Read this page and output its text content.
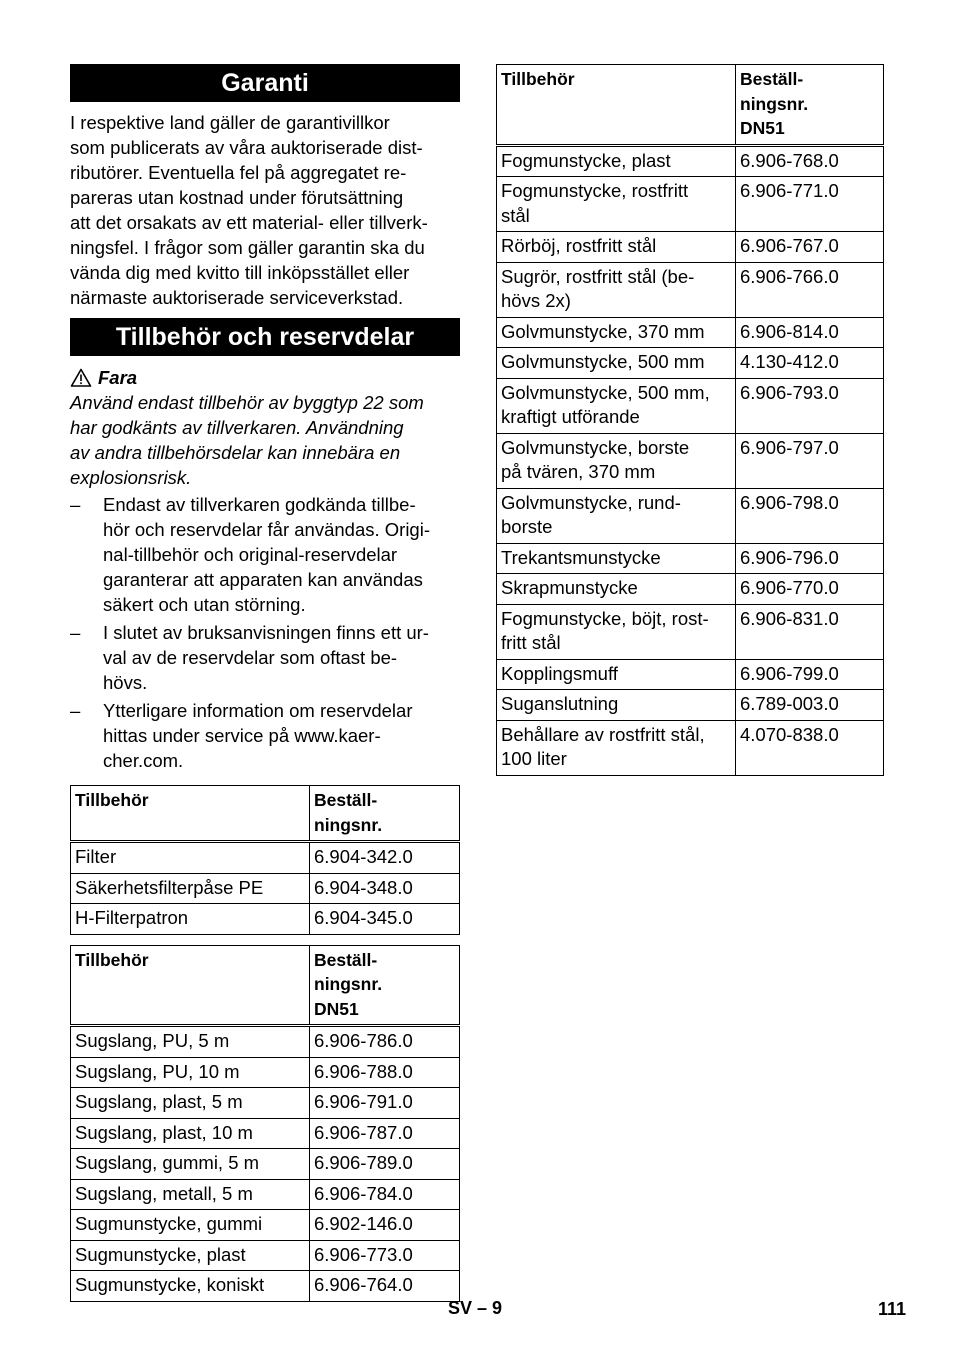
Garanti
I respektive land gäller de garantivillkor
som publicerats av våra auktoriserade dist-
ributörer. Eventuella fel på aggregatet re-
pareras utan kostnad under förutsättning
att det orsakats av ett material- eller tillverk-
ningsfel. I frågor som gäller garantin ska du
vända dig med kvitto till inköpsstället eller
närmaste auktoriserade serviceverkstad.
Tillbehör och reservdelar
Fara
Använd endast tillbehör av byggtyp 22 som
har godkänts av tillverkaren. Användning
av andra tillbehörsdelar kan innebära en
explosionsrisk.
– Endast av tillverkaren godkända tillbe-
hör och reservdelar får användas. Origi-
nal-tillbehör och original-reservdelar
garanterar att apparaten kan användas
säkert och utan störning.
– I slutet av bruksanvisningen finns ett ur-
val av de reservdelar som oftast be-
hövs.
– Ytterligare information om reservdelar
hittas under service på www.kaer-
cher.com.
Tillbehör	Beställ-
ningsnr.
Filter	6.904-342.0
Säkerhetsfilterpåse PE	6.904-348.0
H-Filterpatron	6.904-345.0
Tillbehör	Beställ-
ningsnr.
DN51
Sugslang, PU, 5 m	6.906-786.0
Sugslang, PU, 10 m	6.906-788.0
Sugslang, plast, 5 m	6.906-791.0
Sugslang, plast, 10 m	6.906-787.0
Sugslang, gummi, 5 m	6.906-789.0
Sugslang, metall, 5 m	6.906-784.0
Sugmunstycke, gummi	6.902-146.0
Sugmunstycke, plast	6.906-773.0
Sugmunstycke, koniskt	6.906-764.0
Tillbehör	Beställ-
ningsnr.
DN51
Fogmunstycke, plast	6.906-768.0
Fogmunstycke, rostfritt
stål	6.906-771.0
Rörböj, rostfritt stål	6.906-767.0
Sugrör, rostfritt stål (be-
hövs 2x)	6.906-766.0
Golvmunstycke, 370 mm	6.906-814.0
Golvmunstycke, 500 mm	4.130-412.0
Golvmunstycke, 500 mm,
kraftigt utförande	6.906-793.0
Golvmunstycke, borste
på tvären, 370 mm	6.906-797.0
Golvmunstycke, rund-
borste	6.906-798.0
Trekantsmunstycke	6.906-796.0
Skrapmunstycke	6.906-770.0
Fogmunstycke, böjt, rost-
fritt stål	6.906-831.0
Kopplingsmuff	6.906-799.0
Suganslutning	6.789-003.0
Behållare av rostfritt stål,
100 liter	4.070-838.0
SV – 9	111
